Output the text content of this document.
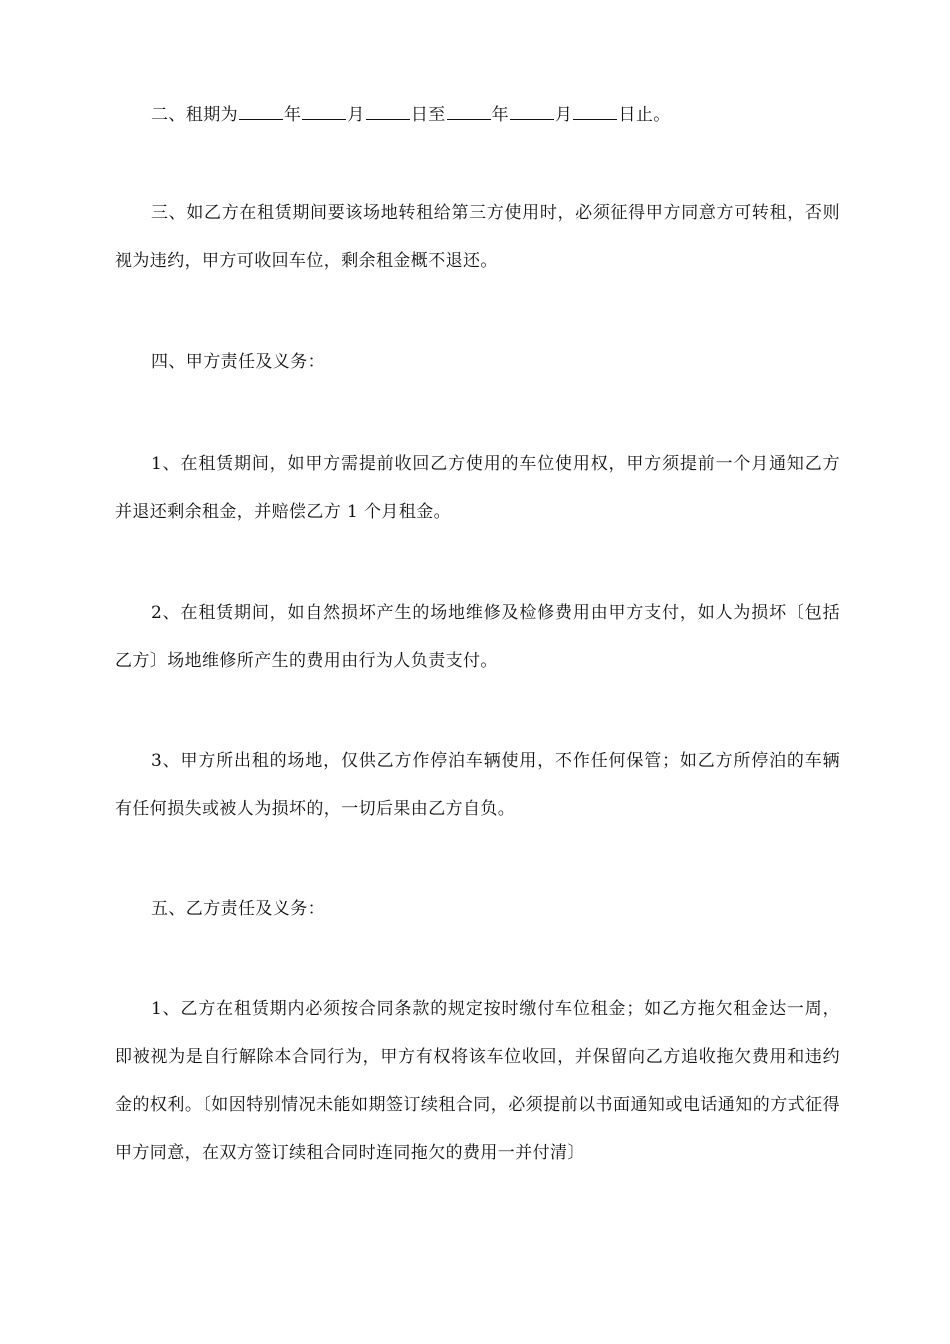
二、租期为	年	月	日至	年	月	日止。

三、如乙方在租赁期间要该场地转租给第三方使用时，必须征得甲方同意方可转租，否则视为违约，甲方可收回车位，剩余租金概不退还。

四、甲方责任及义务：

1、在租赁期间，如甲方需提前收回乙方使用的车位使用权，甲方须提前一个月通知乙方并退还剩余租金，并赔偿乙方 1 个月租金。

2、在租赁期间，如自然损坏产生的场地维修及检修费用由甲方支付，如人为损坏〔包括乙方〕场地维修所产生的费用由行为人负责支付。

3、甲方所出租的场地，仅供乙方作停泊车辆使用，不作任何保管；如乙方所停泊的车辆有任何损失或被人为损坏的，一切后果由乙方自负。

五、乙方责任及义务：

1、乙方在租赁期内必须按合同条款的规定按时缴付车位租金；如乙方拖欠租金达一周，即被视为是自行解除本合同行为，甲方有权将该车位收回，并保留向乙方追收拖欠费用和违约金的权利。〔如因特别情况未能如期签订续租合同，必须提前以书面通知或电话通知的方式征得甲方同意，在双方签订续租合同时连同拖欠的费用一并付清〕
